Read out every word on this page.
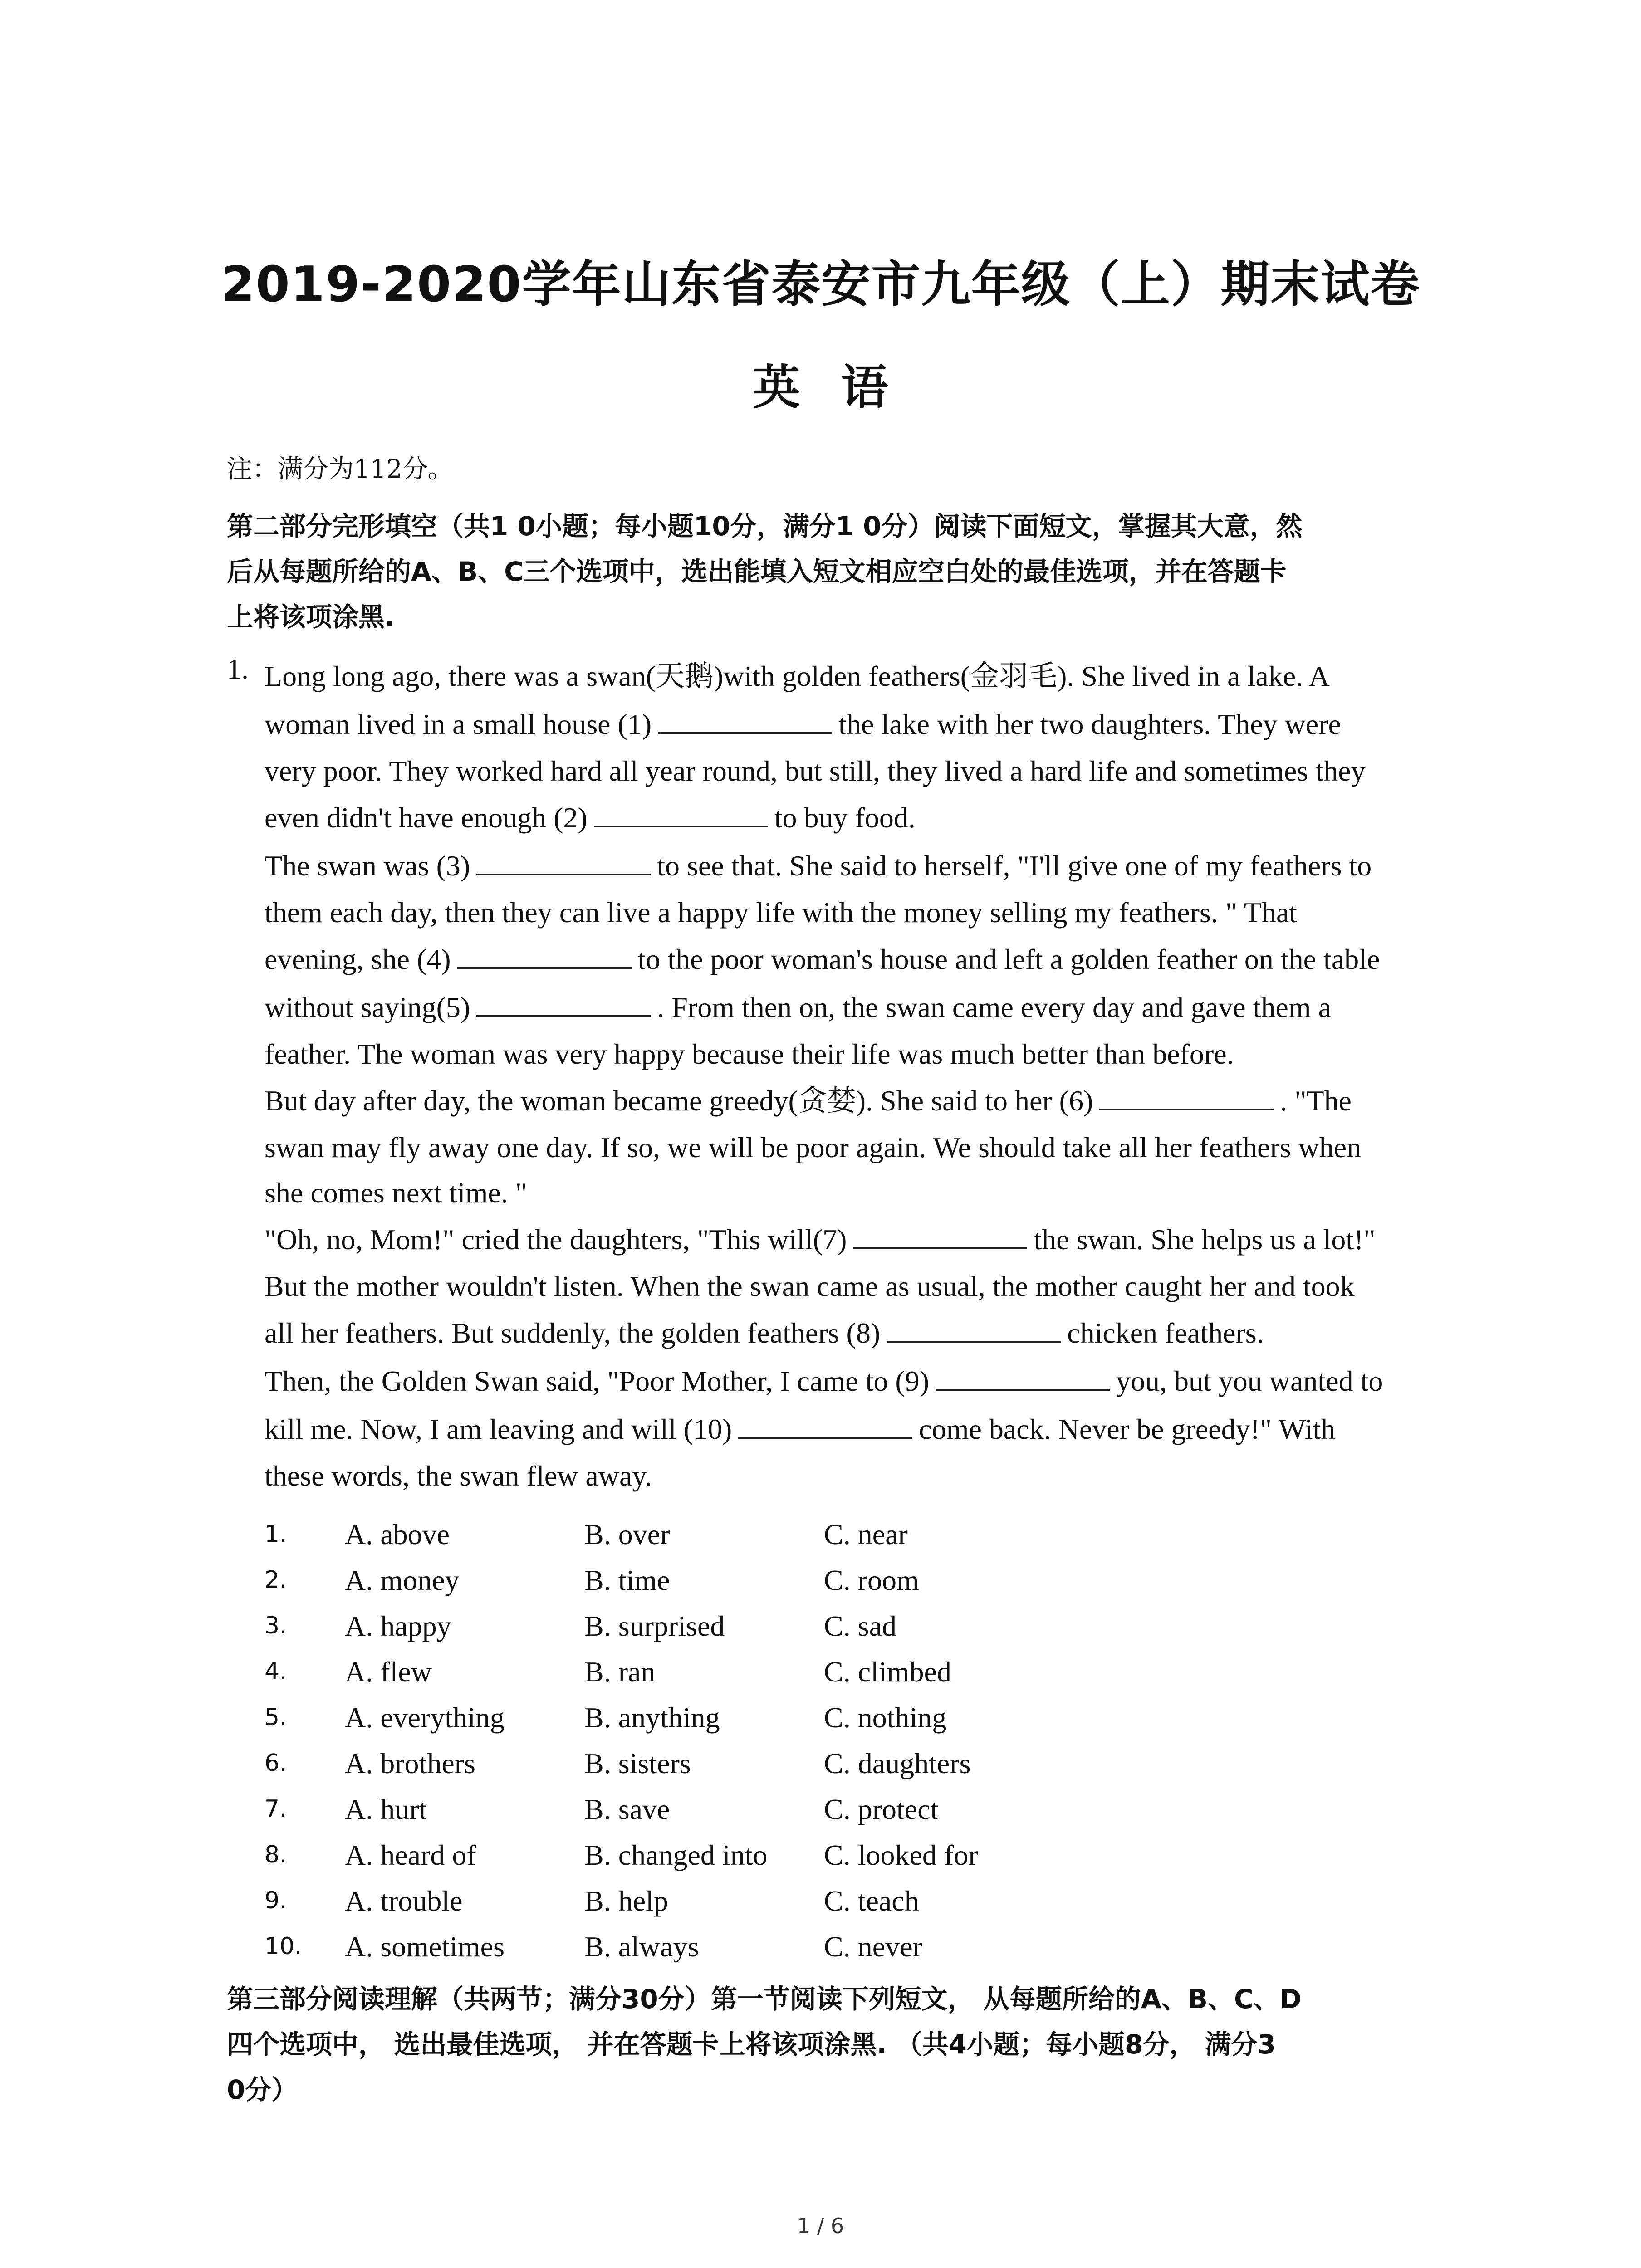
2019-2020学年山东省泰安市九年级（上）期末试卷
英语
注：满分为112分。
第二部分完形填空（共1 0小题；每小题10分，满分1 0分）阅读下面短文，掌握其大意，然
后从每题所给的A、B、C三个选项中，选出能填入短文相应空白处的最佳选项，并在答题卡
上将该项涂黑.
1. Long long ago, there was a swan(天鹅)with golden feathers(金羽毛). She lived in a lake. A
woman lived in a small house (1)	the lake with her two daughters. They were
very poor. They worked hard all year round, but still, they lived a hard life and sometimes they
even didn't have enough (2)	to buy food.
The swan was (3)	to see that. She said to herself, "I'll give one of my feathers to
them each day, then they can live a happy life with the money selling my feathers. " That
evening, she (4)	to the poor woman's house and left a golden feather on the table
without saying(5)	. From then on, the swan came every day and gave them a
feather. The woman was very happy because their life was much better than before.
But day after day, the woman became greedy(贪婪). She said to her (6)	. "The
swan may fly away one day. If so, we will be poor again. We should take all her feathers when
she comes next time. "
"Oh, no, Mom!" cried the daughters, "This will(7)	the swan. She helps us a lot!"
But the mother wouldn't listen. When the swan came as usual, the mother caught her and took
all her feathers. But suddenly, the golden feathers (8)	chicken feathers.
Then, the Golden Swan said, "Poor Mother, I came to (9)	you, but you wanted to
kill me. Now, I am leaving and will (10)	come back. Never be greedy!" With
these words, the swan flew away.
1. A. above	B. over	C. near
2. A. money	B. time	C. room
3. A. happy	B. surprised	C. sad
4. A. flew	B. ran	C. climbed
5. A. everything	B. anything	C. nothing
6. A. brothers	B. sisters	C. daughters
7. A. hurt	B. save	C. protect
8. A. heard of	B. changed into C. looked for
9. A. trouble	B. help	C. teach
10. A. sometimes	B. always	C. never
第三部分阅读理解（共两节；满分30分）第一节阅读下列短文， 从每题所给的A、B、C、D
四个选项中， 选出最佳选项， 并在答题卡上将该项涂黑. （共4小题；每小题8分， 满分3
0分）
1 / 6
